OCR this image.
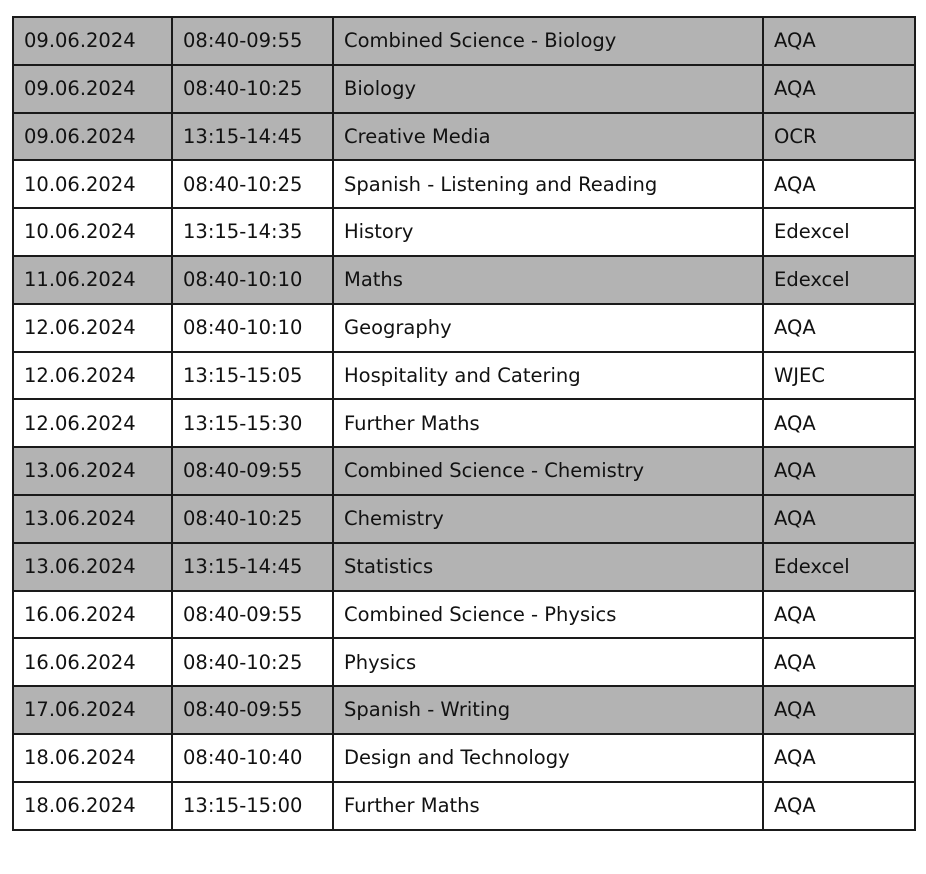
09.06.2024	08:40-09:55	Combined Science - Biology	AQA
09.06.2024	08:40-10:25	Biology	AQA
09.06.2024	13:15-14:45	Creative Media	OCR
10.06.2024	08:40-10:25	Spanish - Listening and Reading	AQA
10.06.2024	13:15-14:35	History	Edexcel
11.06.2024	08:40-10:10	Maths	Edexcel
12.06.2024	08:40-10:10	Geography	AQA
12.06.2024	13:15-15:05	Hospitality and Catering	WJEC
12.06.2024	13:15-15:30	Further Maths	AQA
13.06.2024	08:40-09:55	Combined Science - Chemistry	AQA
13.06.2024	08:40-10:25	Chemistry	AQA
13.06.2024	13:15-14:45	Statistics	Edexcel
16.06.2024	08:40-09:55	Combined Science - Physics	AQA
16.06.2024	08:40-10:25	Physics	AQA
17.06.2024	08:40-09:55	Spanish - Writing	AQA
18.06.2024	08:40-10:40	Design and Technology	AQA
18.06.2024	13:15-15:00	Further Maths	AQA
